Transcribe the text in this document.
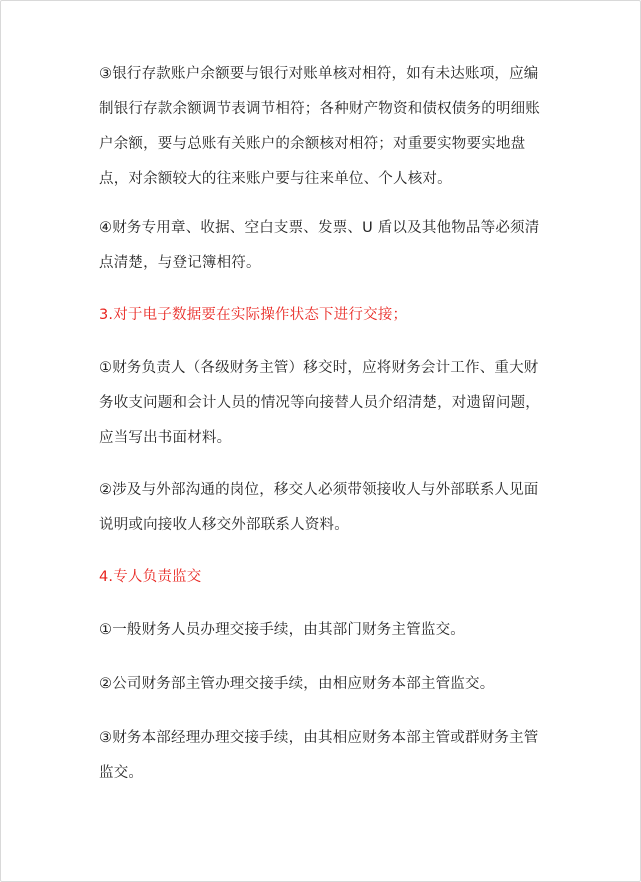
③银行存款账户余额要与银行对账单核对相符，如有未达账项，应编制银行存款余额调节表调节相符；各种财产物资和债权债务的明细账户余额，要与总账有关账户的余额核对相符；对重要实物要实地盘点，对余额较大的往来账户要与往来单位、个人核对。

④财务专用章、收据、空白支票、发票、U 盾以及其他物品等必须清点清楚，与登记簿相符。

3.对于电子数据要在实际操作状态下进行交接；

①财务负责人（各级财务主管）移交时，应将财务会计工作、重大财务收支问题和会计人员的情况等向接替人员介绍清楚，对遗留问题，应当写出书面材料。

②涉及与外部沟通的岗位，移交人必须带领接收人与外部联系人见面说明或向接收人移交外部联系人资料。

4.专人负责监交

①一般财务人员办理交接手续，由其部门财务主管监交。

②公司财务部主管办理交接手续，由相应财务本部主管监交。

③财务本部经理办理交接手续，由其相应财务本部主管或群财务主管监交。
